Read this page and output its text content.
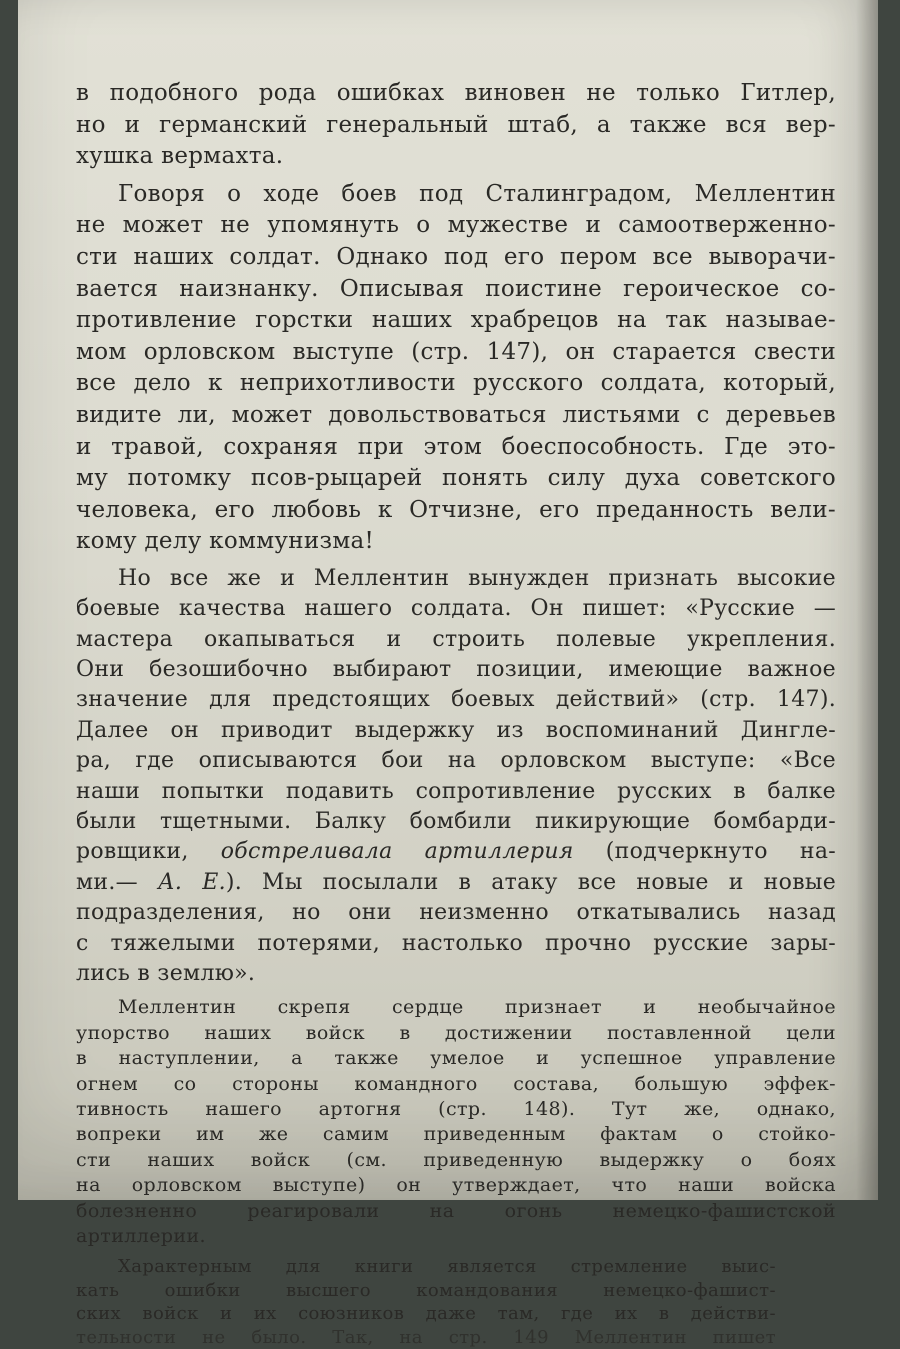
в подобного рода ошибках виновен не только Гитлер,
но и германский генеральный штаб, а также вся вер-
хушка вермахта.
Говоря о ходе боев под Сталинградом, Меллентин
не может не упомянуть о мужестве и самоотверженно-
сти наших солдат. Однако под его пером все выворачи-
вается наизнанку. Описывая поистине героическое со-
противление горстки наших храбрецов на так называе-
мом орловском выступе (стр. 147), он старается свести
все дело к неприхотливости русского солдата, который,
видите ли, может довольствоваться листьями с деревьев
и травой, сохраняя при этом боеспособность. Где это-
му потомку псов-рыцарей понять силу духа советского
человека, его любовь к Отчизне, его преданность вели-
кому делу коммунизма!
Но все же и Меллентин вынужден признать высокие
боевые качества нашего солдата. Он пишет: «Русские —
мастера окапываться и строить полевые укрепления.
Они безошибочно выбирают позиции, имеющие важное
значение для предстоящих боевых действий» (стр. 147).
Далее он приводит выдержку из воспоминаний Динглe-
ра, где описываются бои на орловском выступе: «Все
наши попытки подавить сопротивление русских в балке
были тщетными. Балку бомбили пикирующие бомбарди-
ровщики, обстреливала артиллерия (подчеркнуто на-
ми.— А. Е.). Мы посылали в атаку все новые и новые
подразделения, но они неизменно откатывались назад
с тяжелыми потерями, настолько прочно русские зары-
лись в землю».
Меллентин скрепя сердце признает и необычайное
упорство наших войск в достижении поставленной цели
в наступлении, а также умелое и успешное управление
огнем со стороны командного состава, большую эффек-
тивность нашего артогня (стр. 148). Тут же, однако,
вопреки им же самим приведенным фактам о стойко-
сти наших войск (см. приведенную выдержку о боях
на орловском выступе) он утверждает, что наши войска
болезненно реагировали на огонь немецко-фашистской
артиллерии.
Характерным для книги является стремление выис-
кать ошибки высшего командования немецко-фашист-
ских войск и их союзников даже там, где их в действи-
тельности не было. Так, на стр. 149 Меллентин пишет
